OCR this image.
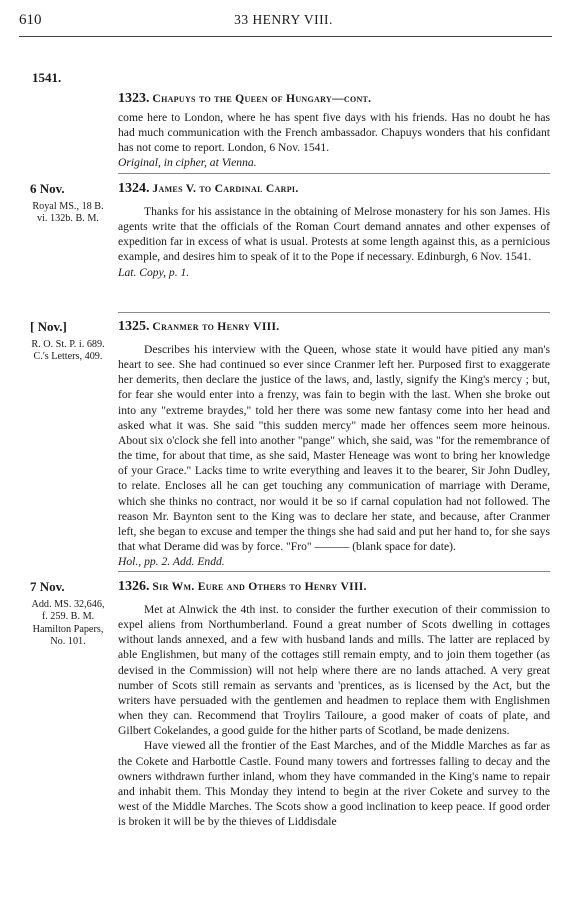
610	33 HENRY VIII.
1541.
1323. Chapuys to the Queen of Hungary—cont.

come here to London, where he has spent five days with his friends. Has no doubt he has had much communication with the French ambassador. Chapuys wonders that his confidant has not come to report. London, 6 Nov. 1541.

Original, in cipher, at Vienna.

6 Nov.
Royal MS., 18 B. vi. 132b. B. M.
1324. James V. to Cardinal Carpi.

Thanks for his assistance in the obtaining of Melrose monastery for his son James. His agents write that the officials of the Roman Court demand annates and other expenses of expedition far in excess of what is usual. Protests at some length against this, as a pernicious example, and desires him to speak of it to the Pope if necessary. Edinburgh, 6 Nov. 1541.

Lat. Copy, p. 1.

[ Nov.]
R. O. St. P. i. 689. C.'s Letters, 409.
1325. Cranmer to Henry VIII.

Describes his interview with the Queen, whose state it would have pitied any man's heart to see. She had continued so ever since Cranmer left her. Purposed first to exaggerate her demerits, then declare the justice of the laws, and, lastly, signify the King's mercy ; but, for fear she would enter into a frenzy, was fain to begin with the last. When she broke out into any "extreme braydes," told her there was some new fantasy come into her head and asked what it was. She said "this sudden mercy" made her offences seem more heinous. About six o'clock she fell into another "pange" which, she said, was "for the remembrance of the time, for about that time, as she said, Master Heneage was wont to bring her knowledge of your Grace." Lacks time to write everything and leaves it to the bearer, Sir John Dudley, to relate. Encloses all he can get touching any communication of marriage with Derame, which she thinks no contract, nor would it be so if carnal copulation had not followed. The reason Mr. Baynton sent to the King was to declare her state, and because, after Cranmer left, she began to excuse and temper the things she had said and put her hand to, for she says that what Derame did was by force. "Fro" ——— (blank space for date).

Hol., pp. 2. Add. Endd.

7 Nov.
Add. MS. 32,646, f. 259. B. M. Hamilton Papers, No. 101.
1326. Sir Wm. Eure and Others to Henry VIII.

Met at Alnwick the 4th inst. to consider the further execution of their commission to expel aliens from Northumberland. Found a great number of Scots dwelling in cottages without lands annexed, and a few with husband lands and mills. The latter are replaced by able Englishmen, but many of the cottages still remain empty, and to join them together (as devised in the Commission) will not help where there are no lands attached. A very great number of Scots still remain as servants and 'prentices, as is licensed by the Act, but the writers have persuaded with the gentlemen and headmen to replace them with Englishmen when they can. Recommend that Troylirs Tailoure, a good maker of coats of plate, and Gilbert Cokelandes, a good guide for the hither parts of Scotland, be made denizens.

Have viewed all the frontier of the East Marches, and of the Middle Marches as far as the Cokete and Harbottle Castle. Found many towers and fortresses falling to decay and the owners withdrawn further inland, whom they have commanded in the King's name to repair and inhabit them. This Monday they intend to begin at the river Cokete and survey to the west of the Middle Marches. The Scots show a good inclination to keep peace. If good order is broken it will be by the thieves of Liddisdale
